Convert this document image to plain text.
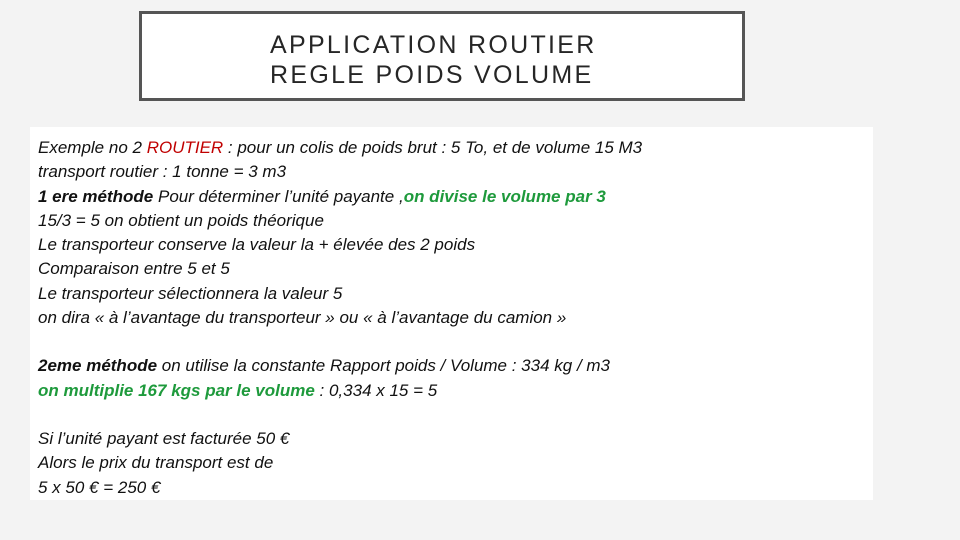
APPLICATION ROUTIER
REGLE POIDS VOLUME
Exemple no 2 ROUTIER : pour un colis de poids brut : 5 To, et de volume 15 M3
transport routier : 1 tonne = 3 m3
1 ere méthode Pour déterminer l’unité payante ,on divise le volume par 3
15/3 = 5 on obtient un poids théorique
Le transporteur conserve la valeur la + élevée des 2 poids
Comparaison entre 5 et 5
Le transporteur sélectionnera la valeur 5
on dira « à l’avantage du transporteur » ou « à l’avantage du camion »
2eme méthode on utilise la constante Rapport poids / Volume : 334 kg / m3
on multiplie 167 kgs par le volume : 0,334 x 15 = 5
Si l’unité payant est facturée 50 €
Alors le prix du transport est de
5 x 50 € = 250 €
